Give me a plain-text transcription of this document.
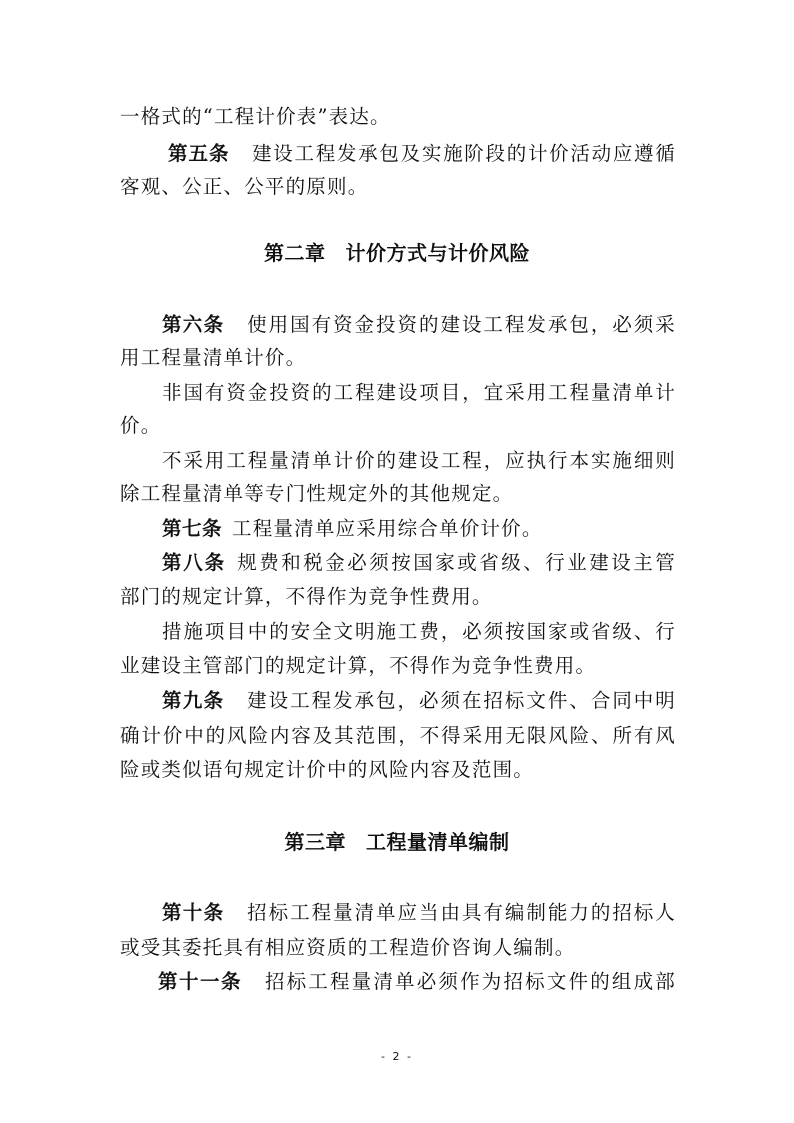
一格式的“工程计价表”表达。
第五条 建设工程发承包及实施阶段的计价活动应遵循
客观、公正、公平的原则。
第二章 计价方式与计价风险
第六条 使用国有资金投资的建设工程发承包，必须采
用工程量清单计价。
非国有资金投资的工程建设项目，宜采用工程量清单计
价。
不采用工程量清单计价的建设工程，应执行本实施细则
除工程量清单等专门性规定外的其他规定。
第七条 工程量清单应采用综合单价计价。
第八条 规费和税金必须按国家或省级、行业建设主管
部门的规定计算，不得作为竞争性费用。
措施项目中的安全文明施工费，必须按国家或省级、行
业建设主管部门的规定计算，不得作为竞争性费用。
第九条 建设工程发承包，必须在招标文件、合同中明
确计价中的风险内容及其范围，不得采用无限风险、所有风
险或类似语句规定计价中的风险内容及范围。
第三章 工程量清单编制
第十条 招标工程量清单应当由具有编制能力的招标人
或受其委托具有相应资质的工程造价咨询人编制。
第十一条 招标工程量清单必须作为招标文件的组成部
- 2 -
